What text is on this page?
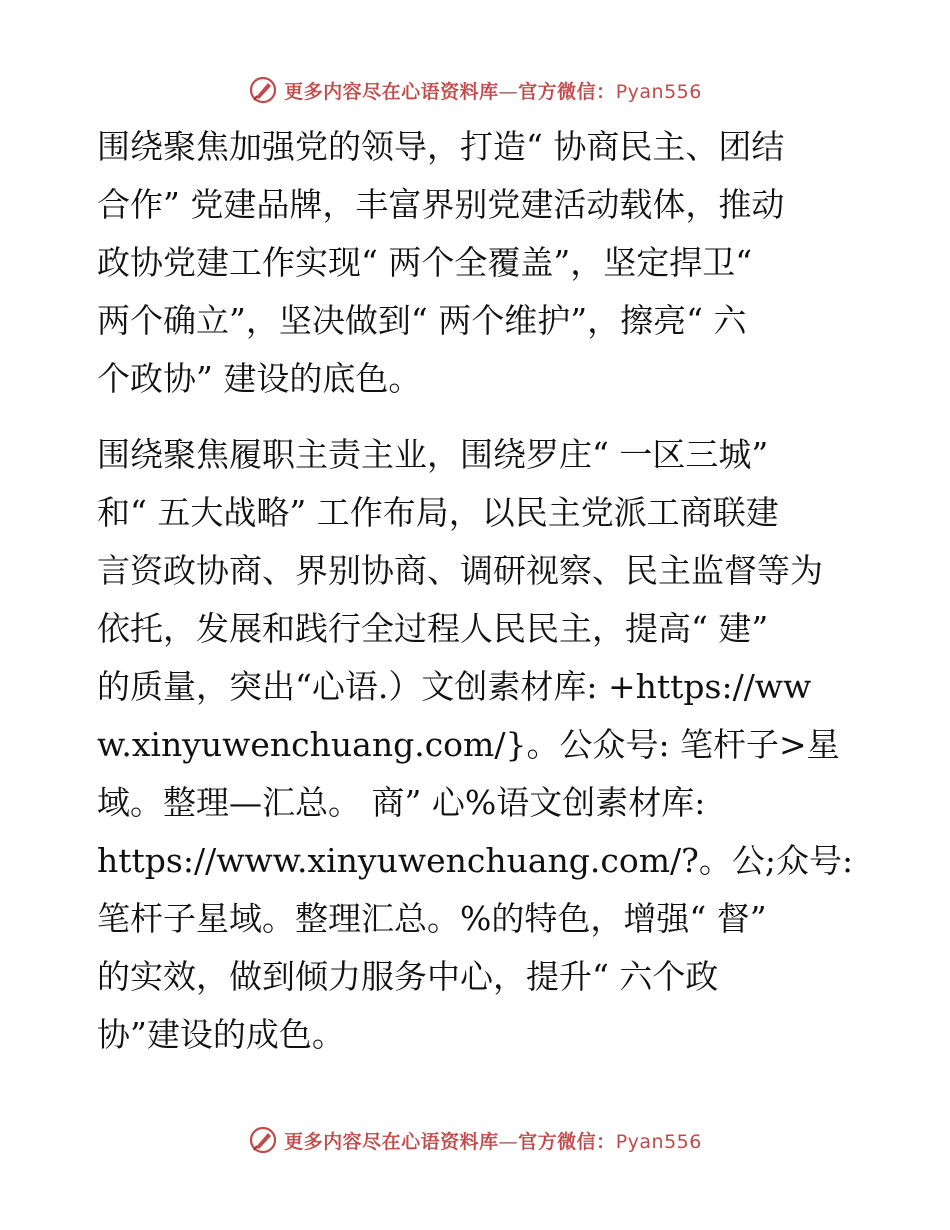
更多内容尽在心语资料库—官方微信：Pyan556
围绕聚焦加强党的领导，打造“ 协商民主、团结
合作” 党建品牌，丰富界别党建活动载体，推动
政协党建工作实现“ 两个全覆盖”，坚定捍卫“
两个确立”，坚决做到“ 两个维护”，擦亮“ 六
个政协” 建设的底色。
围绕聚焦履职主责主业，围绕罗庄“ 一区三城”
和“ 五大战略” 工作布局，以民主党派工商联建
言资政协商、界别协商、调研视察、民主监督等为
依托，发展和践行全过程人民民主，提高“ 建”
的质量，突出“心语.）文创素材库: +https://ww
w.xinyuwenchuang.com/}。公众号: 笔杆子>星
域。整理—汇总。 商” 心%语文创素材库:
https://www.xinyuwenchuang.com/?。公;众号:
笔杆子星域。整理汇总。%的特色，增强“ 督”
的实效，做到倾力服务中心，提升“ 六个政
协”建设的成色。
更多内容尽在心语资料库—官方微信：Pyan556
